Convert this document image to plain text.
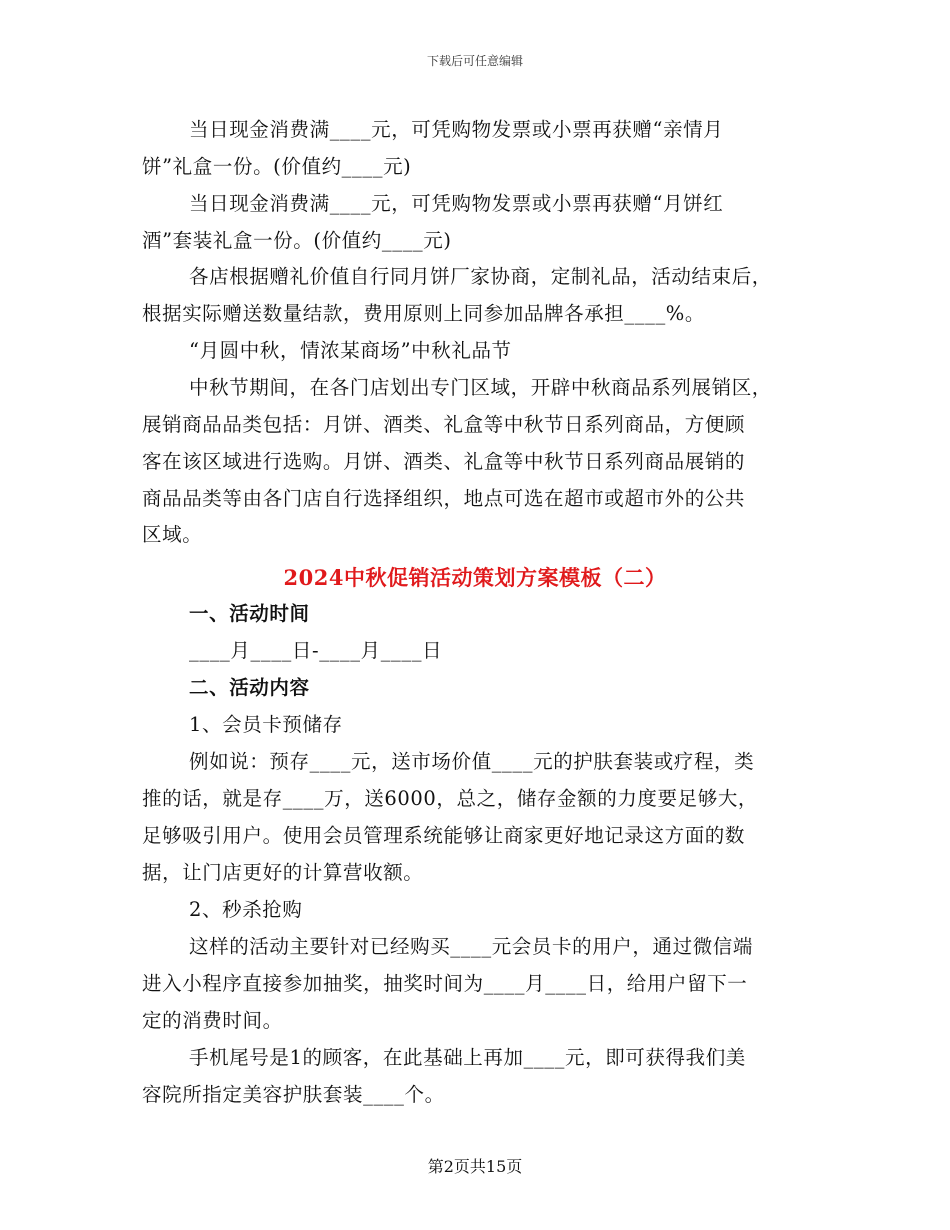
下载后可任意编辑
当日现金消费满____元，可凭购物发票或小票再获赠“亲情月
饼”礼盒一份。(价值约____元)
当日现金消费满____元，可凭购物发票或小票再获赠“月饼红
酒”套装礼盒一份。(价值约____元)
各店根据赠礼价值自行同月饼厂家协商，定制礼品，活动结束后，
根据实际赠送数量结款，费用原则上同参加品牌各承担____%。
“月圆中秋，情浓某商场”中秋礼品节
中秋节期间，在各门店划出专门区域，开辟中秋商品系列展销区，
展销商品品类包括：月饼、酒类、礼盒等中秋节日系列商品，方便顾
客在该区域进行选购。月饼、酒类、礼盒等中秋节日系列商品展销的
商品品类等由各门店自行选择组织，地点可选在超市或超市外的公共
区域。
2024中秋促销活动策划方案模板（二）
一、活动时间
____月____日-____月____日
二、活动内容
1、会员卡预储存
例如说：预存____元，送市场价值____元的护肤套装或疗程，类
推的话，就是存____万，送6000，总之，储存金额的力度要足够大，
足够吸引用户。使用会员管理系统能够让商家更好地记录这方面的数
据，让门店更好的计算营收额。
2、秒杀抢购
这样的活动主要针对已经购买____元会员卡的用户，通过微信端
进入小程序直接参加抽奖，抽奖时间为____月____日，给用户留下一
定的消费时间。
手机尾号是1的顾客，在此基础上再加____元，即可获得我们美
容院所指定美容护肤套装____个。
第2页共15页
